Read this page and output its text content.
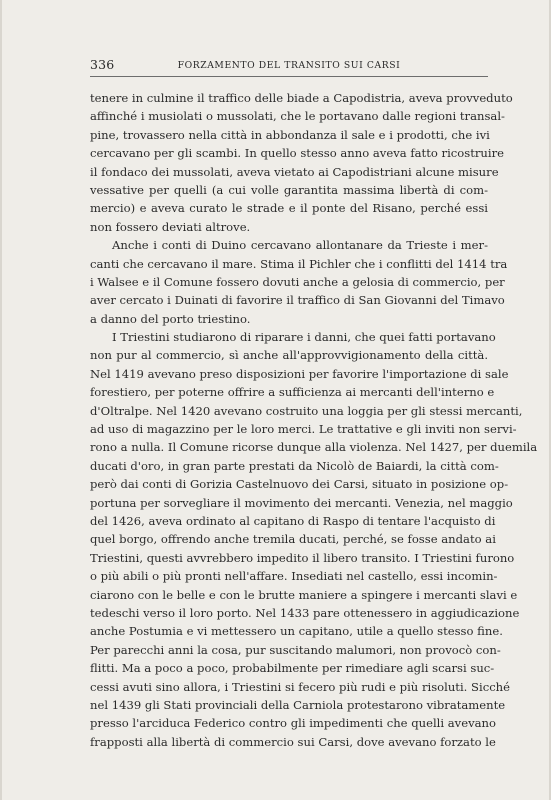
336	FORZAMENTO DEL TRANSITO SUI CARSI
tenere in culmine il traffico delle biade a Capodistria, aveva provveduto
affinché i musiolati o mussolati, che le portavano dalle regioni transal-
pine, trovassero nella città in abbondanza il sale e i prodotti, che ivi
cercavano per gli scambi. In quello stesso anno aveva fatto ricostruire
il fondaco dei mussolati, aveva vietato ai Capodistriani alcune misure
vessative per quelli (a cui volle garantita massima libertà di com-
mercio) e aveva curato le strade e il ponte del Risano, perché essi
non fossero deviati altrove.
Anche i conti di Duino cercavano allontanare da Trieste i mer-
canti che cercavano il mare. Stima il Pichler che i conflitti del 1414 tra
i Walsee e il Comune fossero dovuti anche a gelosia di commercio, per
aver cercato i Duinati di favorire il traffico di San Giovanni del Timavo
a danno del porto triestino.
I Triestini studiarono di riparare i danni, che quei fatti portavano
non pur al commercio, sì anche all'approvvigionamento della città.
Nel 1419 avevano preso disposizioni per favorire l'importazione di sale
forestiero, per poterne offrire a sufficienza ai mercanti dell'interno e
d'Oltralpe. Nel 1420 avevano costruito una loggia per gli stessi mercanti,
ad uso di magazzino per le loro merci. Le trattative e gli inviti non servi-
rono a nulla. Il Comune ricorse dunque alla violenza. Nel 1427, per duemila
ducati d'oro, in gran parte prestati da Nicolò de Baiardi, la città com-
però dai conti di Gorizia Castelnuovo dei Carsi, situato in posizione op-
portuna per sorvegliare il movimento dei mercanti. Venezia, nel maggio
del 1426, aveva ordinato al capitano di Raspo di tentare l'acquisto di
quel borgo, offrendo anche tremila ducati, perché, se fosse andato ai
Triestini, questi avvrebbero impedito il libero transito. I Triestini furono
o più abili o più pronti nell'affare. Insediati nel castello, essi incomin-
ciarono con le belle e con le brutte maniere a spingere i mercanti slavi e
tedeschi verso il loro porto. Nel 1433 pare ottenessero in aggiudicazione
anche Postumia e vi mettessero un capitano, utile a quello stesso fine.
Per parecchi anni la cosa, pur suscitando malumori, non provocò con-
flitti. Ma a poco a poco, probabilmente per rimediare agli scarsi suc-
cessi avuti sino allora, i Triestini si fecero più rudi e più risoluti. Sicché
nel 1439 gli Stati provinciali della Carniola protestarono vibratamente
presso l'arciduca Federico contro gli impedimenti che quelli avevano
frapposti alla libertà di commercio sui Carsi, dove avevano forzato le
